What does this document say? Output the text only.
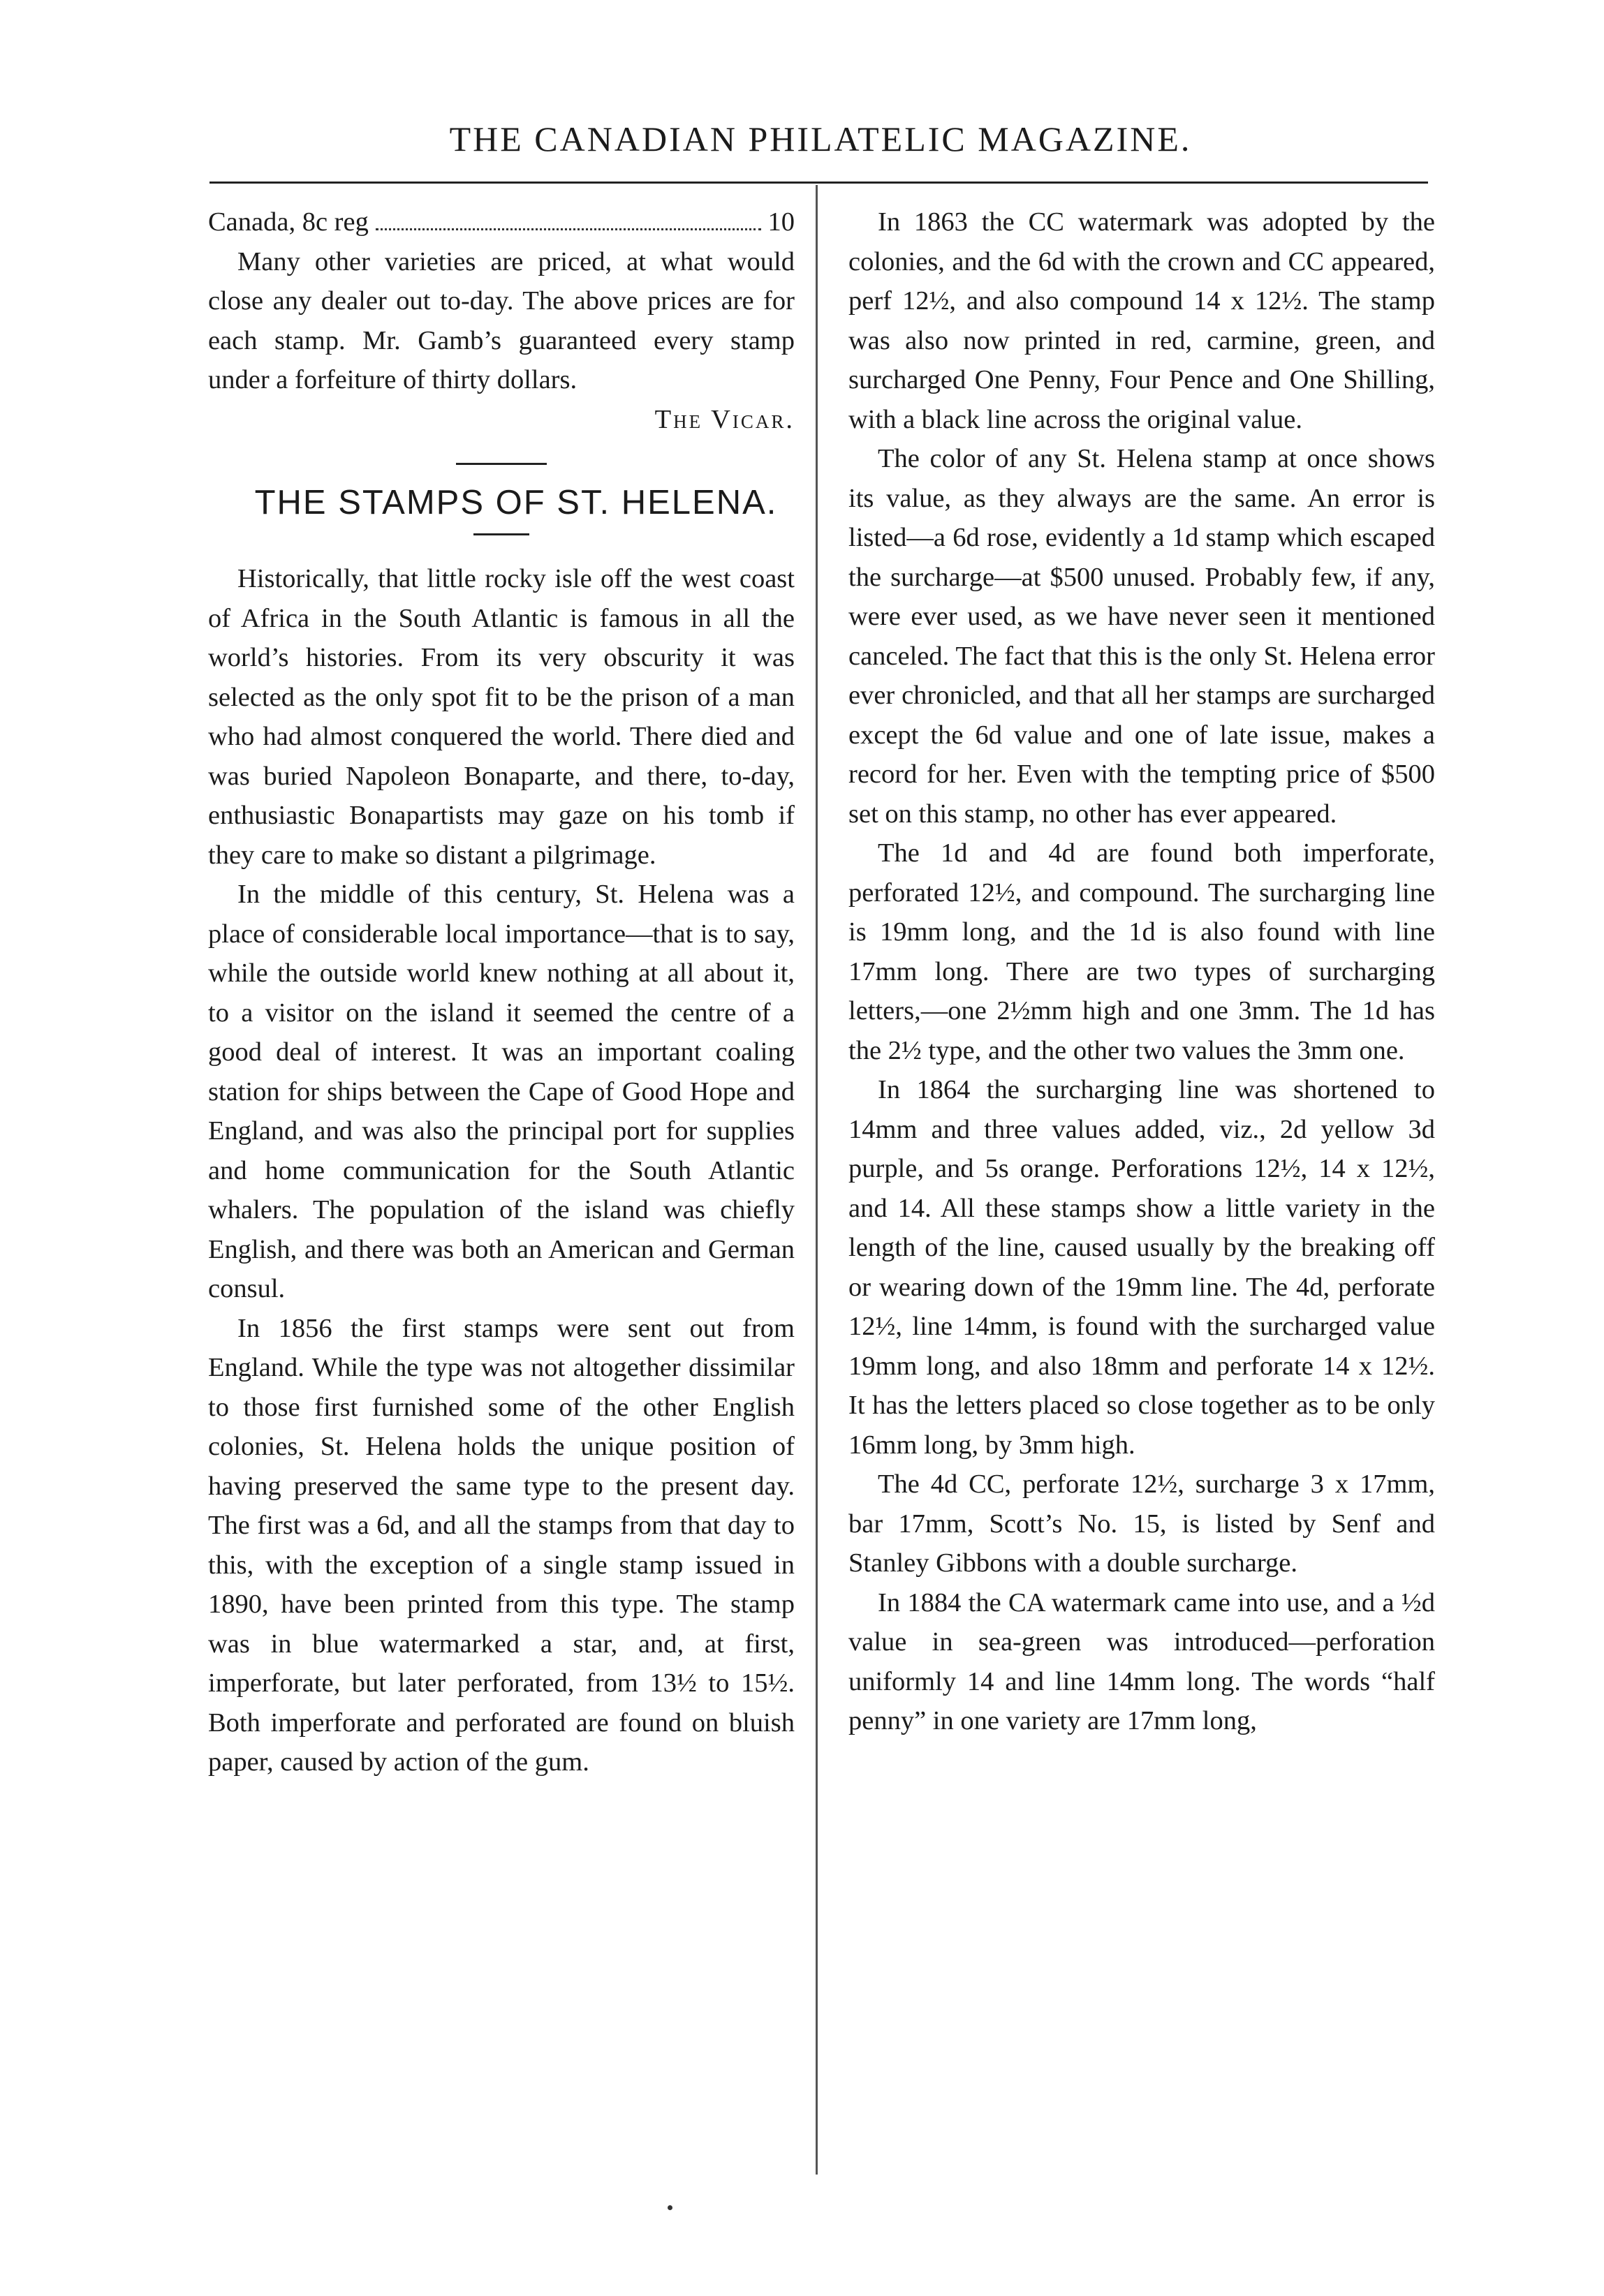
THE CANADIAN PHILATELIC MAGAZINE.
Canada, 8c reg	10

Many other varieties are priced, at what would close any dealer out to-day. The above prices are for each stamp. Mr. Gamb’s guaranteed every stamp under a forfeiture of thirty dollars.

The Vicar.

THE STAMPS OF ST. HELENA.

Historically, that little rocky isle off the west coast of Africa in the South Atlantic is famous in all the world’s histories. From its very obscurity it was selected as the only spot fit to be the prison of a man who had almost conquered the world. There died and was buried Napoleon Bonaparte, and there, to-day, enthusiastic Bonapartists may gaze on his tomb if they care to make so distant a pilgrimage.

In the middle of this century, St. Helena was a place of considerable local importance—that is to say, while the outside world knew nothing at all about it, to a visitor on the island it seemed the centre of a good deal of interest. It was an important coaling station for ships between the Cape of Good Hope and England, and was also the principal port for supplies and home communication for the South Atlantic whalers. The population of the island was chiefly English, and there was both an American and German consul.

In 1856 the first stamps were sent out from England. While the type was not altogether dissimilar to those first furnished some of the other English colonies, St. Helena holds the unique position of having preserved the same type to the present day. The first was a 6d, and all the stamps from that day to this, with the exception of a single stamp issued in 1890, have been printed from this type. The stamp was in blue watermarked a star, and, at first, imperforate, but later perforated, from 13½ to 15½. Both imperforate and perforated are found on bluish paper, caused by action of the gum.

In 1863 the CC watermark was adopted by the colonies, and the 6d with the crown and CC appeared, perf 12½, and also compound 14 x 12½. The stamp was also now printed in red, carmine, green, and surcharged One Penny, Four Pence and One Shilling, with a black line across the original value.

The color of any St. Helena stamp at once shows its value, as they always are the same. An error is listed—a 6d rose, evidently a 1d stamp which escaped the surcharge—at $500 unused. Probably few, if any, were ever used, as we have never seen it mentioned canceled. The fact that this is the only St. Helena error ever chronicled, and that all her stamps are surcharged except the 6d value and one of late issue, makes a record for her. Even with the tempting price of $500 set on this stamp, no other has ever appeared.

The 1d and 4d are found both imperforate, perforated 12½, and compound. The surcharging line is 19mm long, and the 1d is also found with line 17mm long. There are two types of surcharging letters,—one 2½mm high and one 3mm. The 1d has the 2½ type, and the other two values the 3mm one.

In 1864 the surcharging line was shortened to 14mm and three values added, viz., 2d yellow 3d purple, and 5s orange. Perforations 12½, 14 x 12½, and 14. All these stamps show a little variety in the length of the line, caused usually by the breaking off or wearing down of the 19mm line. The 4d, perforate 12½, line 14mm, is found with the surcharged value 19mm long, and also 18mm and perforate 14 x 12½. It has the letters placed so close together as to be only 16mm long, by 3mm high.

The 4d CC, perforate 12½, surcharge 3 x 17mm, bar 17mm, Scott’s No. 15, is listed by Senf and Stanley Gibbons with a double surcharge.

In 1884 the CA watermark came into use, and a ½d value in sea-green was introduced—perforation uniformly 14 and line 14mm long. The words “half penny” in one variety are 17mm long,
